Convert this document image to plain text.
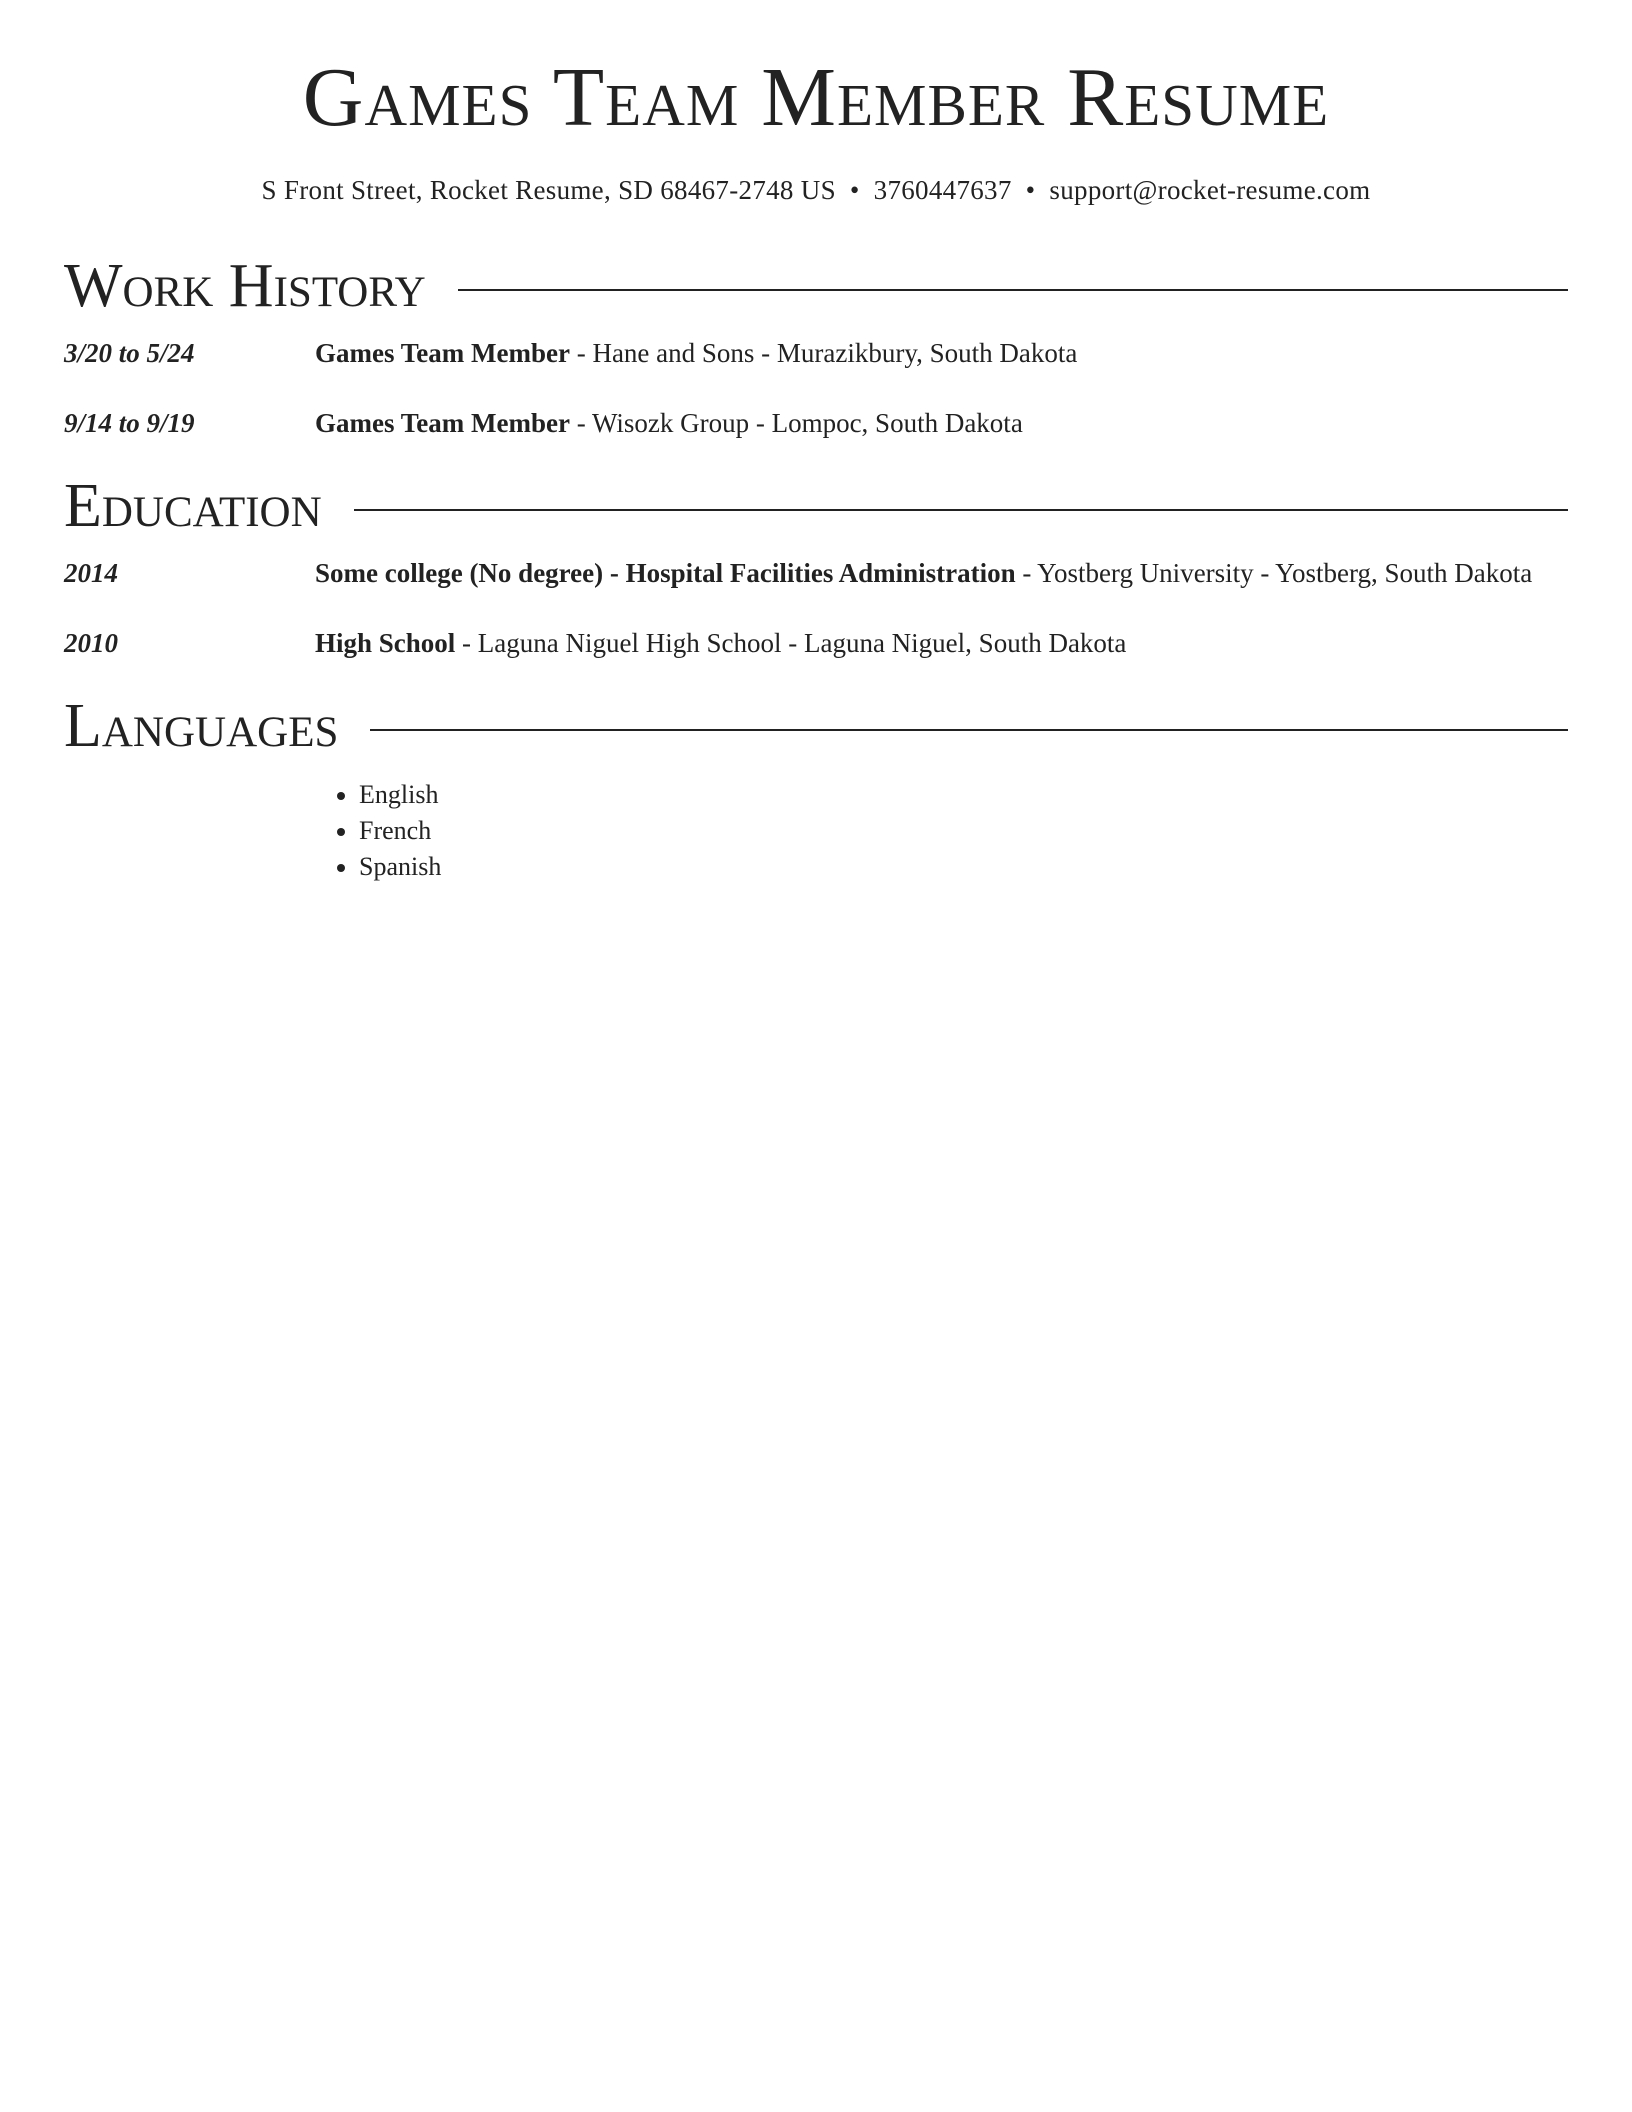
Games Team Member Resume
S Front Street, Rocket Resume, SD 68467-2748 US • 3760447637 • support@rocket-resume.com
Work History
3/20 to 5/24	Games Team Member - Hane and Sons - Murazikbury, South Dakota
9/14 to 9/19	Games Team Member - Wisozk Group - Lompoc, South Dakota
Education
2014	Some college (No degree) - Hospital Facilities Administration - Yostberg University - Yostberg, South Dakota
2010	High School - Laguna Niguel High School - Laguna Niguel, South Dakota
Languages
• English
• French
• Spanish
